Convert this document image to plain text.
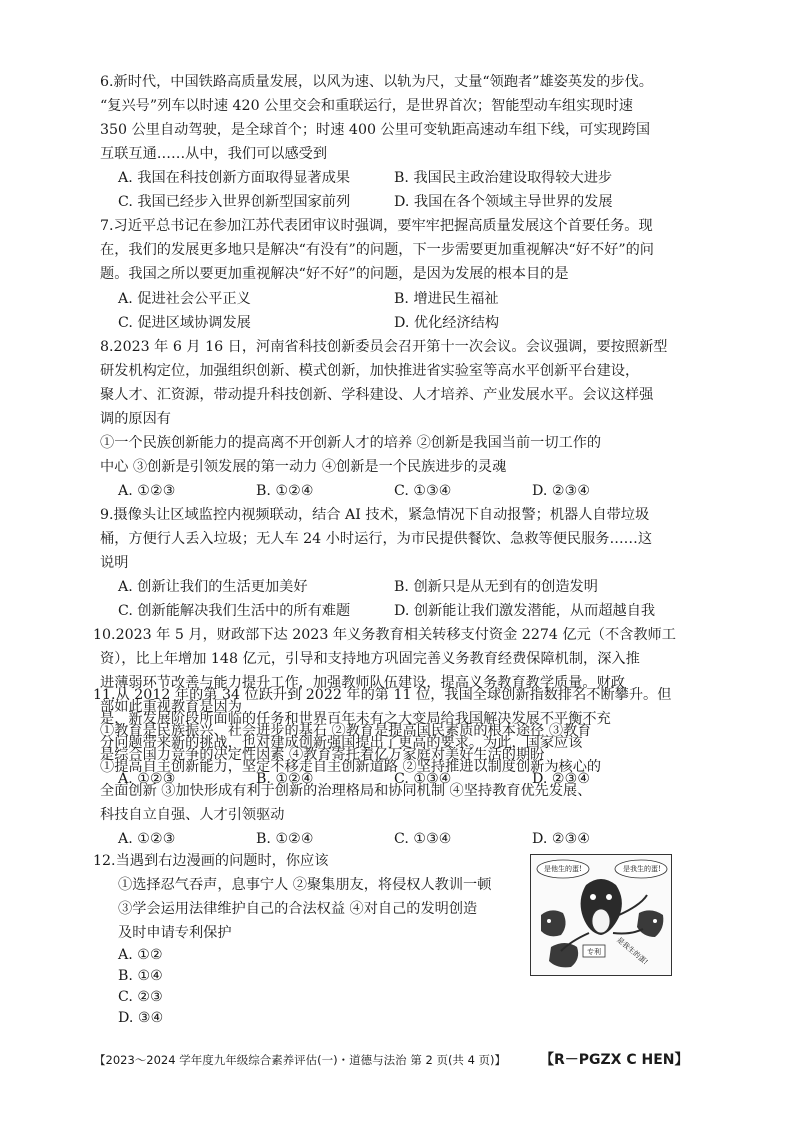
6.新时代，中国铁路高质量发展，以风为速、以轨为尺，丈量“领跑者”雄姿英发的步伐。
“复兴号”列车以时速 420 公里交会和重联运行，是世界首次；智能型动车组实现时速
350 公里自动驾驶，是全球首个；时速 400 公里可变轨距高速动车组下线，可实现跨国
互联互通……从中，我们可以感受到
A. 我国在科技创新方面取得显著成果	B. 我国民主政治建设取得较大进步
C. 我国已经步入世界创新型国家前列	D. 我国在各个领域主导世界的发展
7.习近平总书记在参加江苏代表团审议时强调，要牢牢把握高质量发展这个首要任务。现
在，我们的发展更多地只是解决“有没有”的问题，下一步需要更加重视解决“好不好”的问
题。我国之所以要更加重视解决“好不好”的问题，是因为发展的根本目的是
A. 促进社会公平正义	B. 增进民生福祉
C. 促进区域协调发展	D. 优化经济结构
8.2023 年 6 月 16 日，河南省科技创新委员会召开第十一次会议。会议强调，要按照新型
研发机构定位，加强组织创新、模式创新，加快推进省实验室等高水平创新平台建设，
聚人才、汇资源，带动提升科技创新、学科建设、人才培养、产业发展水平。会议这样强
调的原因有
①一个民族创新能力的提高离不开创新人才的培养 ②创新是我国当前一切工作的
中心 ③创新是引领发展的第一动力 ④创新是一个民族进步的灵魂
A. ①②③	B. ①②④	C. ①③④	D. ②③④
9.摄像头让区域监控内视频联动，结合 AI 技术，紧急情况下自动报警；机器人自带垃圾
桶，方便行人丢入垃圾；无人车 24 小时运行，为市民提供餐饮、急救等便民服务……这
说明
A. 创新让我们的生活更加美好	B. 创新只是从无到有的创造发明
C. 创新能解决我们生活中的所有难题	D. 创新能让我们激发潜能，从而超越自我
10.2023 年 5 月，财政部下达 2023 年义务教育相关转移支付资金 2274 亿元（不含教师工
资），比上年增加 148 亿元，引导和支持地方巩固完善义务教育经费保障机制，深入推
进薄弱环节改善与能力提升工作，加强教师队伍建设，提高义务教育教学质量。财政
部如此重视教育是因为
①教育是民族振兴、社会进步的基石 ②教育是提高国民素质的根本途径 ③教育
是综合国力竞争的决定性因素 ④教育寄托着亿万家庭对美好生活的期盼
A. ①②③	B. ①②④	C. ①③④	D. ②③④
11.从 2012 年的第 34 位跃升到 2022 年的第 11 位，我国全球创新指数排名不断攀升。但
是，新发展阶段所面临的任务和世界百年未有之大变局给我国解决发展不平衡不充
分问题带来新的挑战，也对建成创新强国提出了更高的要求。为此，国家应该
①提高自主创新能力，坚定不移走自主创新道路 ②坚持推进以制度创新为核心的
全面创新 ③加快形成有利于创新的治理格局和协同机制 ④坚持教育优先发展、
科技自立自强、人才引领驱动
A. ①②③	B. ①②④	C. ①③④	D. ②③④
12.当遇到右边漫画的问题时，你应该
①选择忍气吞声，息事宁人 ②聚集朋友，将侵权人教训一顿
③学会运用法律维护自己的合法权益 ④对自己的发明创造
及时申请专利保护
A. ①②
B. ①④
C. ②③
D. ③④
是他生的蛋!	是我生的蛋!
是我生的蛋!
专利
【2023～2024 学年度九年级综合素养评估(一)・道德与法治 第 2 页(共 4 页)】 【R－PGZX C HEN】
